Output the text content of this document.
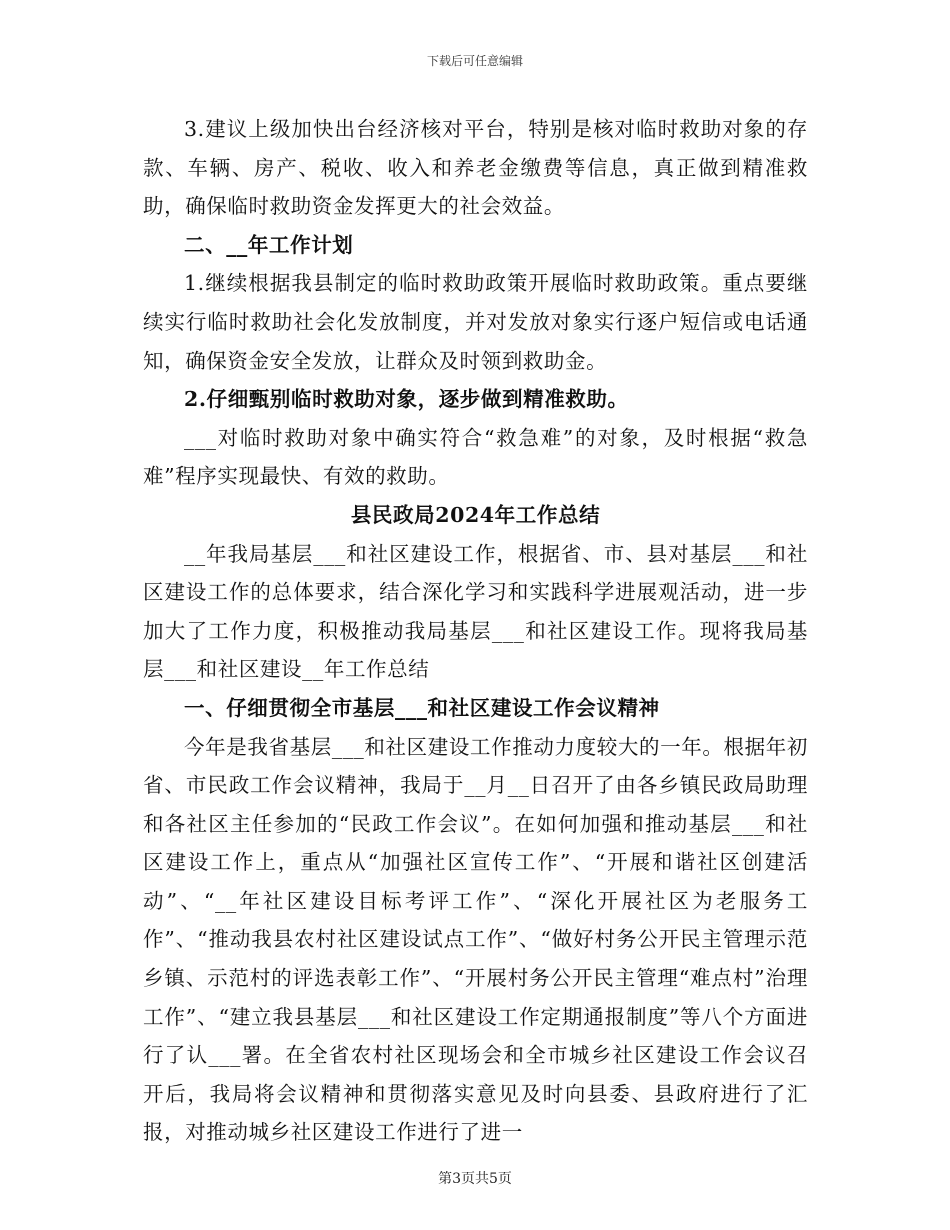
下载后可任意编辑

3.建议上级加快出台经济核对平台，特别是核对临时救助对象的存款、车辆、房产、税收、收入和养老金缴费等信息，真正做到精准救助，确保临时救助资金发挥更大的社会效益。

二、__年工作计划

1.继续根据我县制定的临时救助政策开展临时救助政策。重点要继续实行临时救助社会化发放制度，并对发放对象实行逐户短信或电话通知，确保资金安全发放，让群众及时领到救助金。

2.仔细甄别临时救助对象，逐步做到精准救助。

___对临时救助对象中确实符合“救急难”的对象，及时根据“救急难”程序实现最快、有效的救助。

县民政局2024年工作总结

__年我局基层___和社区建设工作，根据省、市、县对基层___和社区建设工作的总体要求，结合深化学习和实践科学进展观活动，进一步加大了工作力度，积极推动我局基层___和社区建设工作。现将我局基层___和社区建设__年工作总结

一、仔细贯彻全市基层___和社区建设工作会议精神

今年是我省基层___和社区建设工作推动力度较大的一年。根据年初省、市民政工作会议精神，我局于__月__日召开了由各乡镇民政局助理和各社区主任参加的“民政工作会议”。在如何加强和推动基层___和社区建设工作上，重点从“加强社区宣传工作”、“开展和谐社区创建活动”、“__年社区建设目标考评工作”、“深化开展社区为老服务工作”、“推动我县农村社区建设试点工作”、“做好村务公开民主管理示范乡镇、示范村的评选表彰工作”、“开展村务公开民主管理“难点村”治理工作”、“建立我县基层___和社区建设工作定期通报制度”等八个方面进行了认___署。在全省农村社区现场会和全市城乡社区建设工作会议召开后，我局将会议精神和贯彻落实意见及时向县委、县政府进行了汇报，对推动城乡社区建设工作进行了进一

第3页共5页
